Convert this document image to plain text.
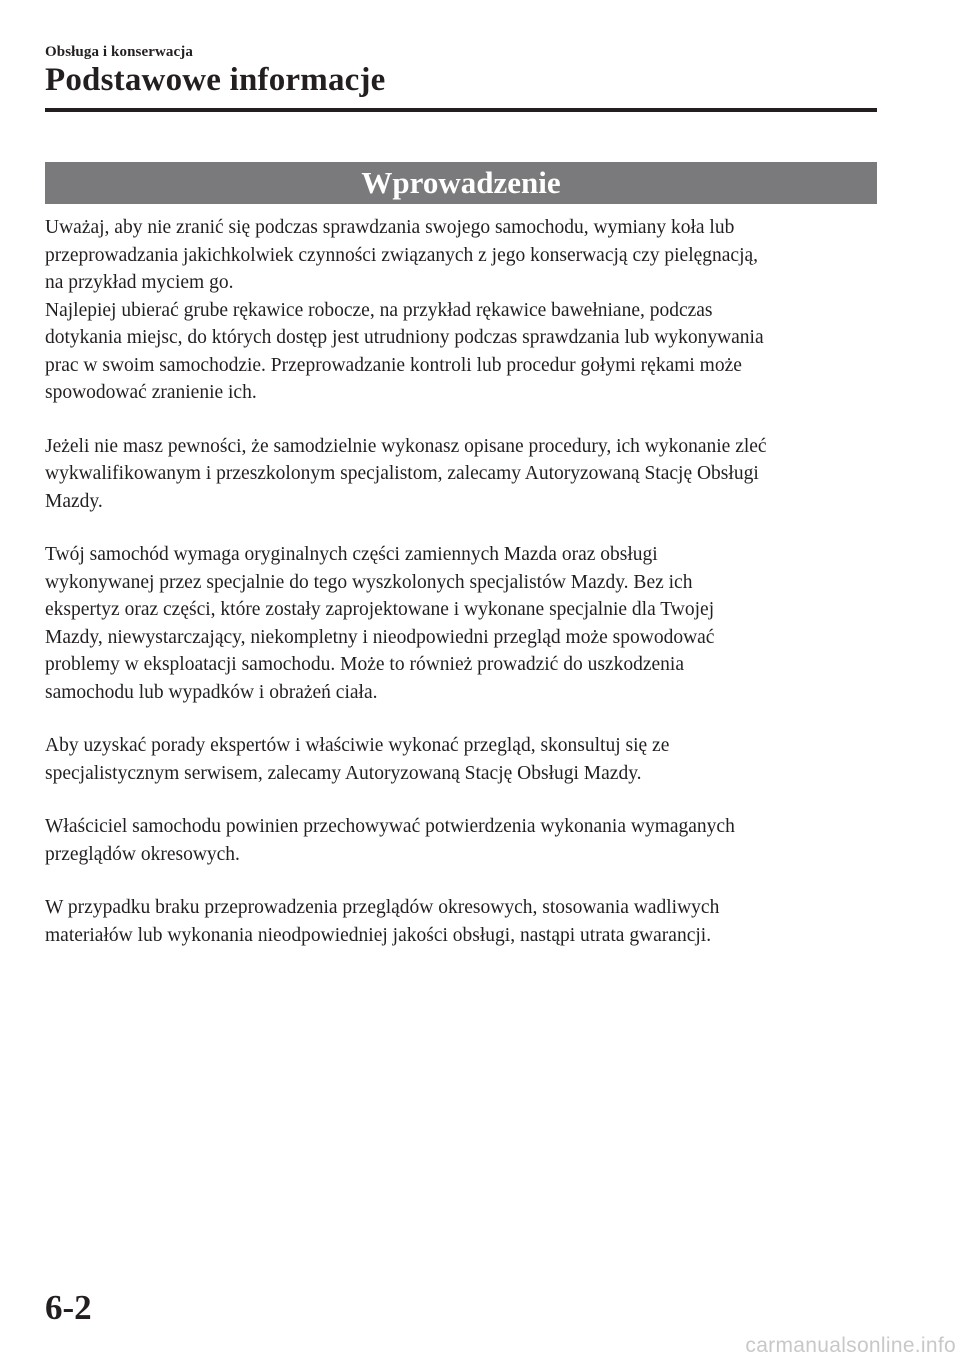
Obsługa i konserwacja
Podstawowe informacje
Wprowadzenie

Uważaj, aby nie zranić się podczas sprawdzania swojego samochodu, wymiany koła lub
przeprowadzania jakichkolwiek czynności związanych z jego konserwacją czy pielęgnacją,
na przykład myciem go.
Najlepiej ubierać grube rękawice robocze, na przykład rękawice bawełniane, podczas
dotykania miejsc, do których dostęp jest utrudniony podczas sprawdzania lub wykonywania
prac w swoim samochodzie. Przeprowadzanie kontroli lub procedur gołymi rękami może
spowodować zranienie ich.

Jeżeli nie masz pewności, że samodzielnie wykonasz opisane procedury, ich wykonanie zleć
wykwalifikowanym i przeszkolonym specjalistom, zalecamy Autoryzowaną Stację Obsługi
Mazdy.

Twój samochód wymaga oryginalnych części zamiennych Mazda oraz obsługi
wykonywanej przez specjalnie do tego wyszkolonych specjalistów Mazdy. Bez ich
ekspertyz oraz części, które zostały zaprojektowane i wykonane specjalnie dla Twojej
Mazdy, niewystarczający, niekompletny i nieodpowiedni przegląd może spowodować
problemy w eksploatacji samochodu. Może to również prowadzić do uszkodzenia
samochodu lub wypadków i obrażeń ciała.

Aby uzyskać porady ekspertów i właściwie wykonać przegląd, skonsultuj się ze
specjalistycznym serwisem, zalecamy Autoryzowaną Stację Obsługi Mazdy.

Właściciel samochodu powinien przechowywać potwierdzenia wykonania wymaganych
przeglądów okresowych.

W przypadku braku przeprowadzenia przeglądów okresowych, stosowania wadliwych
materiałów lub wykonania nieodpowiedniej jakości obsługi, nastąpi utrata gwarancji.

6-2
carmanualsonline.info
